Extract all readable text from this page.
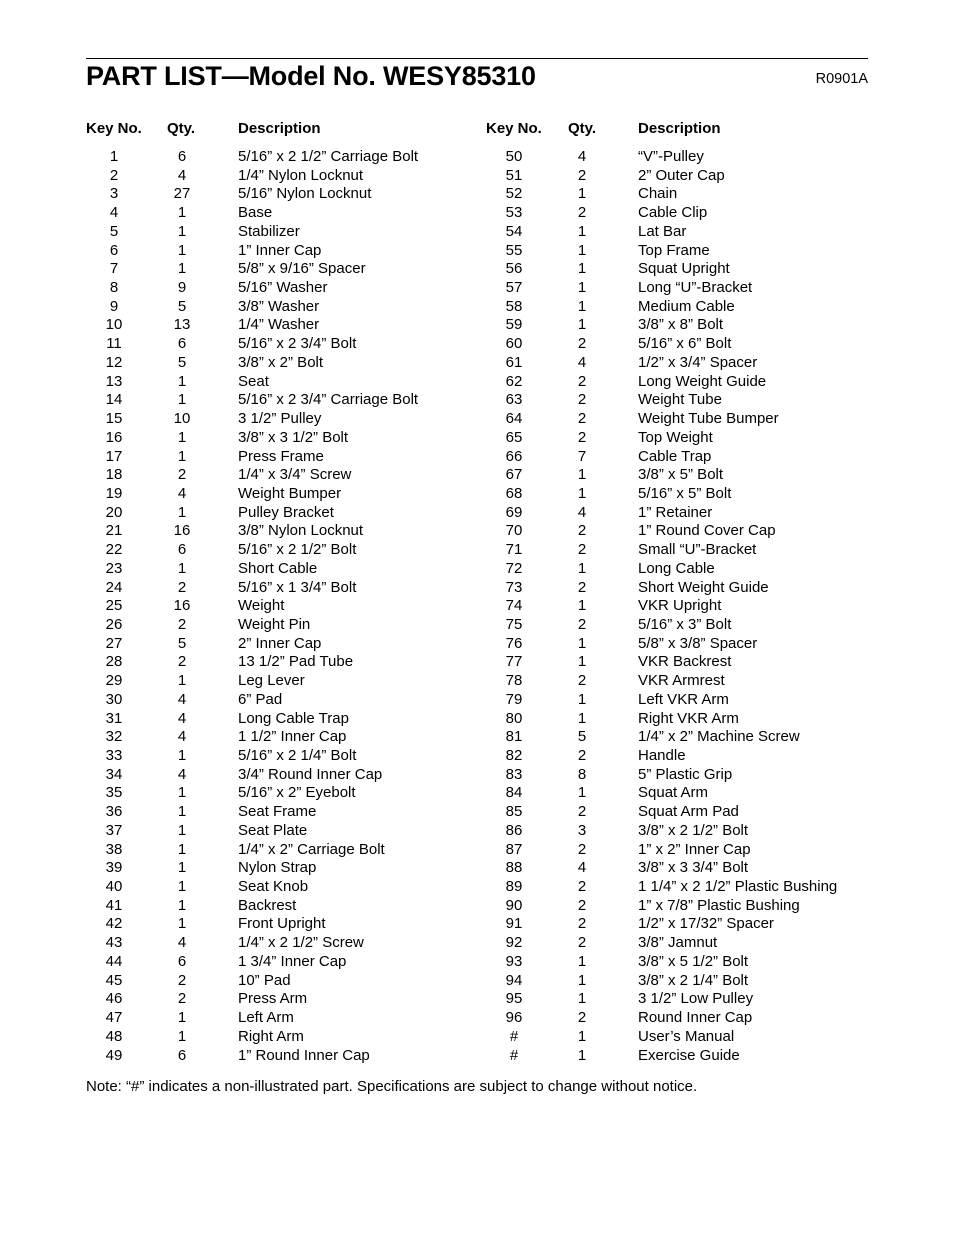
PART LIST—Model No. WESY85310	R0901A
Key No. Qty.	Description
1	6	5/16” x 2 1/2” Carriage Bolt
2	4	1/4” Nylon Locknut
3	27	5/16” Nylon Locknut
4	1	Base
5	1	Stabilizer
6	1	1” Inner Cap
7	1	5/8” x 9/16” Spacer
8	9	5/16” Washer
9	5	3/8” Washer
10	13	1/4” Washer
11	6	5/16” x 2 3/4” Bolt
12	5	3/8” x 2” Bolt
13	1	Seat
14	1	5/16” x 2 3/4” Carriage Bolt
15	10	3 1/2” Pulley
16	1	3/8” x 3 1/2” Bolt
17	1	Press Frame
18	2	1/4” x 3/4” Screw
19	4	Weight Bumper
20	1	Pulley Bracket
21	16	3/8” Nylon Locknut
22	6	5/16” x 2 1/2” Bolt
23	1	Short Cable
24	2	5/16” x 1 3/4” Bolt
25	16	Weight
26	2	Weight Pin
27	5	2” Inner Cap
28	2	13 1/2” Pad Tube
29	1	Leg Lever
30	4	6” Pad
31	4	Long Cable Trap
32	4	1 1/2” Inner Cap
33	1	5/16” x 2 1/4” Bolt
34	4	3/4” Round Inner Cap
35	1	5/16” x 2” Eyebolt
36	1	Seat Frame
37	1	Seat Plate
38	1	1/4” x 2” Carriage Bolt
39	1	Nylon Strap
40	1	Seat Knob
41	1	Backrest
42	1	Front Upright
43	4	1/4” x 2 1/2” Screw
44	6	1 3/4” Inner Cap
45	2	10” Pad
46	2	Press Arm
47	1	Left Arm
48	1	Right Arm
49	6	1” Round Inner Cap
Key No. Qty.	Description
50	4	“V”-Pulley
51	2	2” Outer Cap
52	1	Chain
53	2	Cable Clip
54	1	Lat Bar
55	1	Top Frame
56	1	Squat Upright
57	1	Long “U”-Bracket
58	1	Medium Cable
59	1	3/8” x 8” Bolt
60	2	5/16” x 6” Bolt
61	4	1/2” x 3/4” Spacer
62	2	Long Weight Guide
63	2	Weight Tube
64	2	Weight Tube Bumper
65	2	Top Weight
66	7	Cable Trap
67	1	3/8” x 5” Bolt
68	1	5/16” x 5” Bolt
69	4	1” Retainer
70	2	1” Round Cover Cap
71	2	Small “U”-Bracket
72	1	Long Cable
73	2	Short Weight Guide
74	1	VKR Upright
75	2	5/16” x 3” Bolt
76	1	5/8” x 3/8” Spacer
77	1	VKR Backrest
78	2	VKR Armrest
79	1	Left VKR Arm
80	1	Right VKR Arm
81	5	1/4” x 2” Machine Screw
82	2	Handle
83	8	5” Plastic Grip
84	1	Squat Arm
85	2	Squat Arm Pad
86	3	3/8” x 2 1/2” Bolt
87	2	1” x 2” Inner Cap
88	4	3/8” x 3 3/4” Bolt
89	2	1 1/4” x 2 1/2” Plastic Bushing
90	2	1” x 7/8” Plastic Bushing
91	2	1/2” x 17/32” Spacer
92	2	3/8” Jamnut
93	1	3/8” x 5 1/2” Bolt
94	1	3/8” x 2 1/4” Bolt
95	1	3 1/2” Low Pulley
96	2	Round Inner Cap
#	1	User’s Manual
#	1	Exercise Guide
Note: “#” indicates a non-illustrated part. Specifications are subject to change without notice.
